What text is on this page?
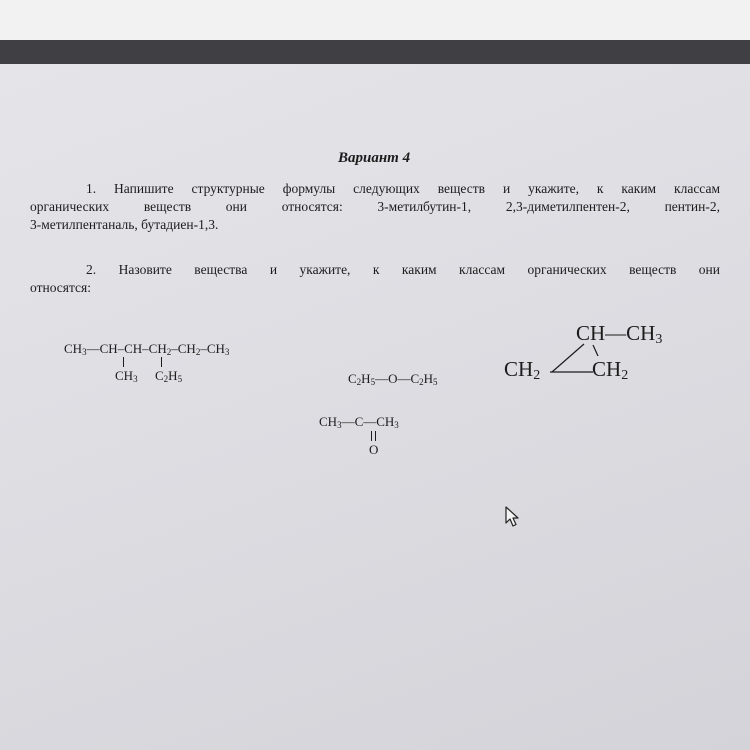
Вариант 4
1. Напишите структурные формулы следующих веществ и укажите, к каким классам
органических веществ они относятся: 3-метилбутин-1, 2,3-диметилпентен-2, пентин-2,
3-метилпентаналь, бутадиен-1,3.
2. Назовите вещества и укажите, к каким классам органических веществ они
относятся:
$CH_3—CH-CH-CH_2-CH_2-CH_3$
$CH_3$ $C_2H_5$	$C_2H_5—O—C_2H_5$
$CH—CH_3$
$CH_2$ $CH_2$
$CH_3—C—CH_3$
O
